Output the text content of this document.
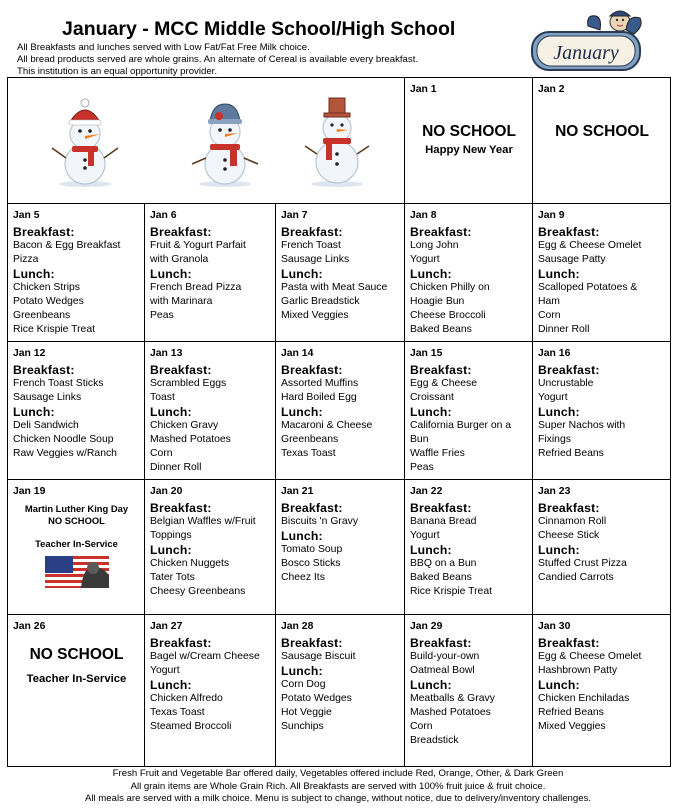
January - MCC Middle School/High School
All Breakfasts and lunches served with Low Fat/Fat Free Milk choice.
All bread products served are whole grains. An alternate of Cereal is available every breakfast.
This institution is an equal opportunity provider.
January
Jan 1
NO SCHOOL
Happy New Year
Jan 2
NO SCHOOL
Jan 5
Breakfast:
Bacon & Egg Breakfast
Pizza
Lunch:
Chicken Strips
Potato Wedges
Greenbeans
Rice Krispie Treat
Jan 6
Breakfast:
Fruit & Yogurt Parfait
with Granola
Lunch:
French Bread Pizza
with Marinara
Peas
Jan 7
Breakfast:
French Toast
Sausage Links
Lunch:
Pasta with Meat Sauce
Garlic Breadstick
Mixed Veggies
Jan 8
Breakfast:
Long John
Yogurt
Lunch:
Chicken Philly on
Hoagie Bun
Cheese Broccoli
Baked Beans
Jan 9
Breakfast:
Egg & Cheese Omelet
Sausage Patty
Lunch:
Scalloped Potatoes &
Ham
Corn
Dinner Roll
Jan 12
Breakfast:
French Toast Sticks
Sausage Links
Lunch:
Deli Sandwich
Chicken Noodle Soup
Raw Veggies w/Ranch
Jan 13
Breakfast:
Scrambled Eggs
Toast
Lunch:
Chicken Gravy
Mashed Potatoes
Corn
Dinner Roll
Jan 14
Breakfast:
Assorted Muffins
Hard Boiled Egg
Lunch:
Macaroni & Cheese
Greenbeans
Texas Toast
Jan 15
Breakfast:
Egg & Cheese
Croissant
Lunch:
California Burger on a
Bun
Waffle Fries
Peas
Jan 16
Breakfast:
Uncrustable
Yogurt
Lunch:
Super Nachos with
Fixings
Refried Beans
Jan 19
Martin Luther King Day
NO SCHOOL
Teacher In-Service
Jan 20
Breakfast:
Belgian Waffles w/Fruit
Toppings
Lunch:
Chicken Nuggets
Tater Tots
Cheesy Greenbeans
Jan 21
Breakfast:
Biscuits 'n Gravy
Lunch:
Tomato Soup
Bosco Sticks
Cheez Its
Jan 22
Breakfast:
Banana Bread
Yogurt
Lunch:
BBQ on a Bun
Baked Beans
Rice Krispie Treat
Jan 23
Breakfast:
Cinnamon Roll
Cheese Stick
Lunch:
Stuffed Crust Pizza
Candied Carrots
Jan 26
NO SCHOOL
Teacher In-Service
Jan 27
Breakfast:
Bagel w/Cream Cheese
Yogurt
Lunch:
Chicken Alfredo
Texas Toast
Steamed Broccoli
Jan 28
Breakfast:
Sausage Biscuit
Lunch:
Corn Dog
Potato Wedges
Hot Veggie
Sunchips
Jan 29
Breakfast:
Build-your-own
Oatmeal Bowl
Lunch:
Meatballs & Gravy
Mashed Potatoes
Corn
Breadstick
Jan 30
Breakfast:
Egg & Cheese Omelet
Hashbrown Patty
Lunch:
Chicken Enchiladas
Refried Beans
Mixed Veggies
Fresh Fruit and Vegetable Bar offered daily, Vegetables offered include Red, Orange, Other, & Dark Green
All grain items are Whole Grain Rich. All Breakfasts are served with 100% fruit juice & fruit choice.
All meals are served with a milk choice. Menu is subject to change, without notice, due to delivery/inventory challenges.
